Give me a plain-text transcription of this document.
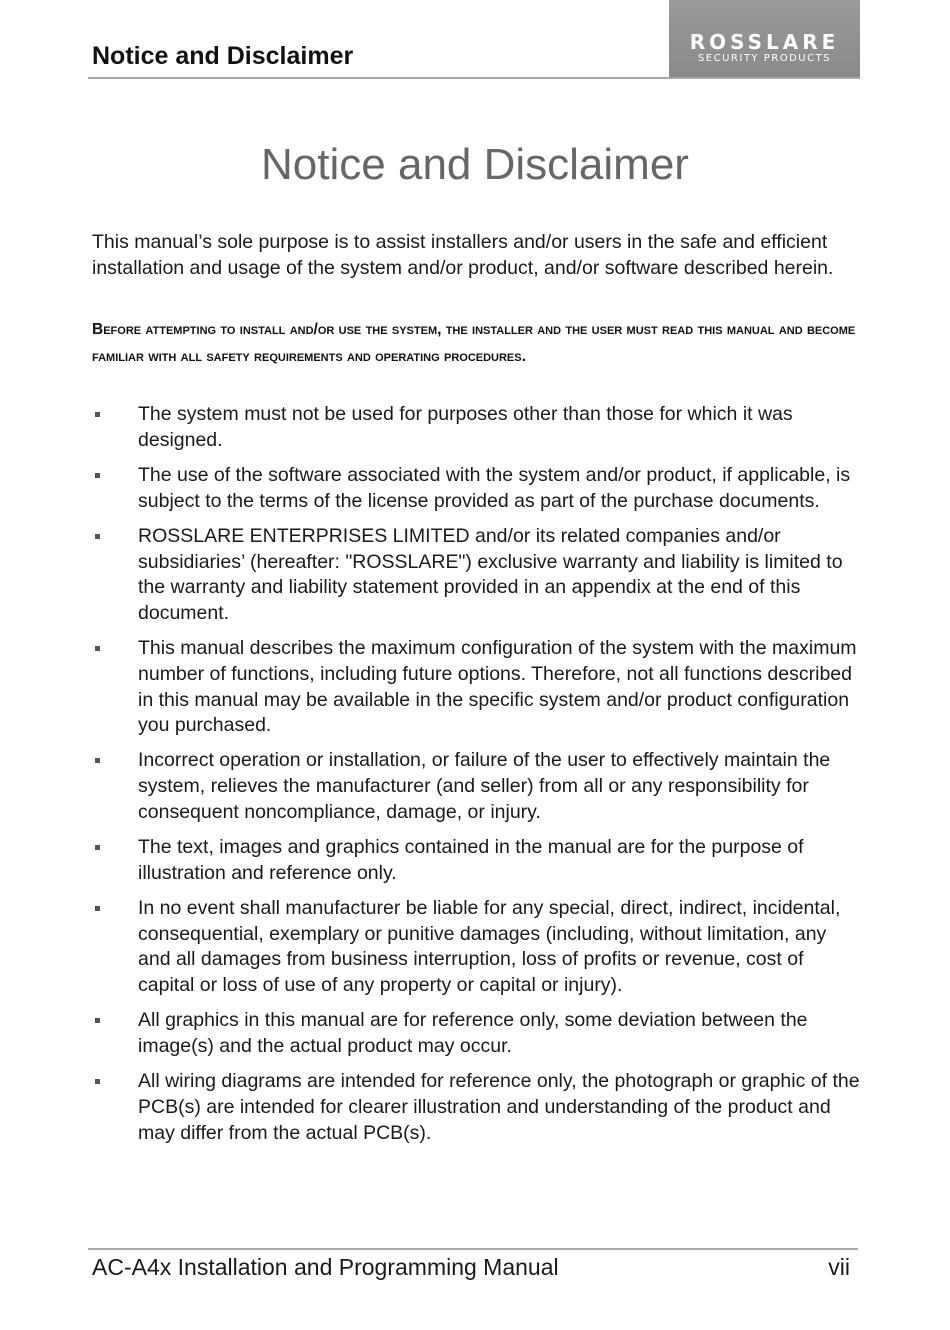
Notice and Disclaimer	ROSSLARE
SECURITY PRODUCTS
Notice and Disclaimer

This manual’s sole purpose is to assist installers and/or users in the safe and efficient installation and usage of the system and/or product, and/or software described herein.

Before attempting to install and/or use the system, the installer and the user must read this manual and become familiar with all safety requirements and operating procedures.

The system must not be used for purposes other than those for which it was designed.
The use of the software associated with the system and/or product, if applicable, is subject to the terms of the license provided as part of the purchase documents.
ROSSLARE ENTERPRISES LIMITED and/or its related companies and/or subsidiaries’ (hereafter: "ROSSLARE") exclusive warranty and liability is limited to the warranty and liability statement provided in an appendix at the end of this document.
This manual describes the maximum configuration of the system with the maximum number of functions, including future options. Therefore, not all functions described in this manual may be available in the specific system and/or product configuration you purchased.
Incorrect operation or installation, or failure of the user to effectively maintain the system, relieves the manufacturer (and seller) from all or any responsibility for consequent noncompliance, damage, or injury.
The text, images and graphics contained in the manual are for the purpose of illustration and reference only.
In no event shall manufacturer be liable for any special, direct, indirect, incidental, consequential, exemplary or punitive damages (including, without limitation, any and all damages from business interruption, loss of profits or revenue, cost of capital or loss of use of any property or capital or injury).
All graphics in this manual are for reference only, some deviation between the image(s) and the actual product may occur.
All wiring diagrams are intended for reference only, the photograph or graphic of the PCB(s) are intended for clearer illustration and understanding of the product and may differ from the actual PCB(s).
AC-A4x Installation and Programming Manual	vii
